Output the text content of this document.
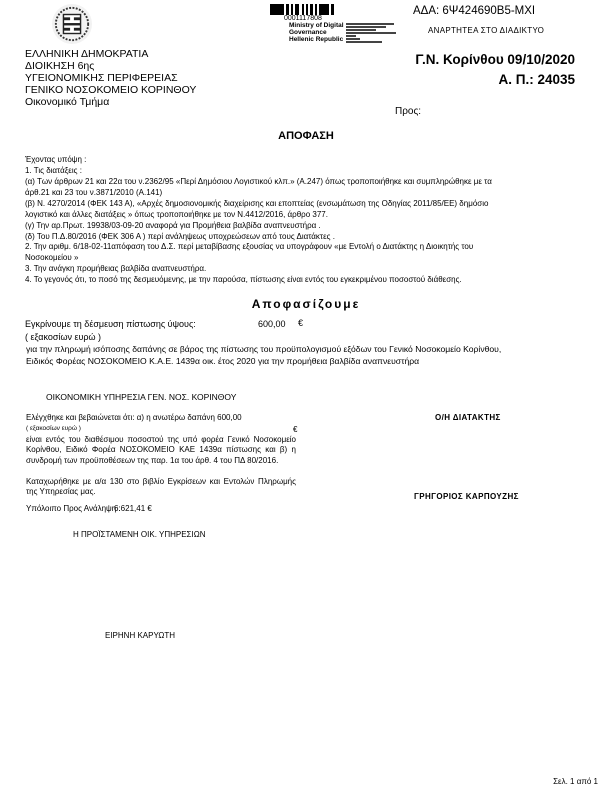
ΕΛΛΗΝΙΚΗ ΔΗΜΟΚΡΑΤΙΑ
ΔΙΟΙΚΗΣΗ 6ης
ΥΓΕΙΟΝΟΜΙΚΗΣ ΠΕΡΙΦΕΡΕΙΑΣ
ΓΕΝΙΚΟ ΝΟΣΟΚΟΜΕΙΟ ΚΟΡΙΝΘΟΥ
Οικονομικό Τμήμα
0001117808
Ministry of Digital
Governance
Hellenic Republic
ΑΔΑ: 6Ψ424690Β5-ΜΧΙ
ΑΝΑΡΤΗΤΕΑ ΣΤΟ ΔΙΑΔΙΚΤΥΟ
Γ.Ν. Κορίνθου 09/10/2020
Α. Π.: 24035
Προς:
ΑΠΟΦΑΣΗ
Έχοντας υπόψη :
1. Τις διατάξεις :
(α) Των άρθρων 21 και 22α του ν.2362/95 «Περί Δημόσιου Λογιστικού κλπ.» (Α.247) όπως τροποποιήθηκε και συμπληρώθηκε με τα
άρθ.21 και 23 του ν.3871/2010 (Α.141)
(β) Ν. 4270/2014 (ΦΕΚ 143 Α), «Αρχές δημοσιονομικής διαχείρισης και εποπτείας (ενσωμάτωση της Οδηγίας 2011/85/ΕΕ) δημόσιο
λογιστικό και άλλες διατάξεις » όπως τροποποιήθηκε με τον Ν.4412/2016, άρθρο 377.
(γ) Την αρ.Πρωτ. 19938/03-09-20 αναφορά για Προμήθεια βαλβίδα αναπνευστήρα .
(δ) Του Π.Δ.80/2016 (ΦΕΚ 306 Α ) περί ανάληψεως υποχρεώσεων από τους Διατάκτες .
2. Την αριθμ. 6/18-02-11απόφαση του Δ.Σ. περί μεταβίβασης εξουσίας να υπογράφουν «με Εντολή ο Διατάκτης η Διοικητής του
Νοσοκομείου »
3. Την ανάγκη προμήθειας βαλβίδα αναπνευστήρα.
4. Το γεγονός ότι, το ποσό της δεσμευόμενης, με την παρούσα, πίστωσης είναι εντός του εγκεκριμένου ποσοστού διάθεσης.
Αποφασίζουμε
Εγκρίνουμε τη δέσμευση πίστωσης ύψους:	600,00 €
( εξακοσίων ευρώ )
για την πληρωμή ισόποσης δαπάνης σε βάρος της πίστωσης του προϋπολογισμού εξόδων του Γενικό Νοσοκομείο Κορίνθου,
Ειδικός Φορέας ΝΟΣΟΚΟΜΕΙΟ Κ.Α.Ε. 1439α οικ. έτος 2020 για την προμήθεια βαλβίδα αναπνευστήρα
ΟΙΚΟΝΟΜΙΚΗ ΥΠΗΡΕΣΙΑ ΓΕΝ. ΝΟΣ. ΚΟΡΙΝΘΟΥ
Ελέγχθηκε και βεβαιώνεται ότι: α) η ανωτέρω δαπάνη 600,00
( εξακοσίων ευρώ )	€
είναι εντός του διαθέσιμου ποσοστού της υπό φορέα Γενικό Νοσοκομείο Κορίνθου, Ειδικό Φορέα ΝΟΣΟΚΟΜΕΙΟ ΚΑΕ 1439α πίστωσης και β) η συνδρομή των προϋποθέσεων της παρ. 1α του άρθ. 4 του ΠΔ 80/2016.
Καταχωρήθηκε με α/α 130 στο βιβλίο Εγκρίσεων και Εντολών Πληρωμής της Υπηρεσίας μας.
Υπόλοιπο Προς Ανάληψη :
6.621,41 €
Η ΠΡΟΪΣΤΑΜΕΝΗ ΟΙΚ. ΥΠΗΡΕΣΙΩΝ
ΕΙΡΗΝΗ ΚΑΡΥΩΤΗ
Ο/Η ΔΙΑΤΑΚΤΗΣ
ΓΡΗΓΟΡΙΟΣ ΚΑΡΠΟΥΖΗΣ
Σελ. 1 από 1
